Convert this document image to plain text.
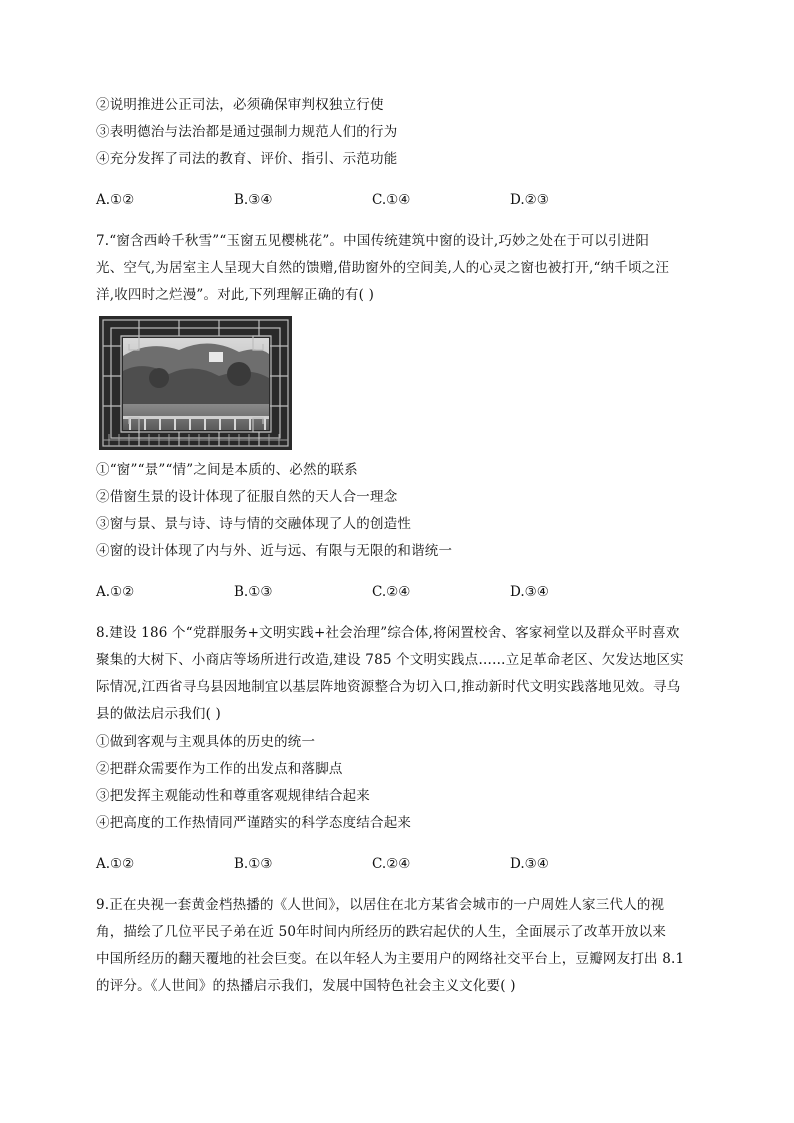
②说明推进公正司法，必须确保审判权独立行使
③表明德治与法治都是通过强制力规范人们的行为
④充分发挥了司法的教育、评价、指引、示范功能
A.①②	B.③④	C.①④	D.②③
7.“窗含西岭千秋雪”“玉窗五见樱桃花”。中国传统建筑中窗的设计,巧妙之处在于可以引进阳
光、空气,为居室主人呈现大自然的馈赠,借助窗外的空间美,人的心灵之窗也被打开,“纳千顷之汪
洋,收四时之烂漫”。对此,下列理解正确的有( )
①“窗”“景”“情”之间是本质的、必然的联系
②借窗生景的设计体现了征服自然的天人合一理念
③窗与景、景与诗、诗与情的交融体现了人的创造性
④窗的设计体现了内与外、近与远、有限与无限的和谐统一
A.①②	B.①③	C.②④	D.③④
8.建设 186 个“党群服务+文明实践+社会治理”综合体,将闲置校舍、客家祠堂以及群众平时喜欢
聚集的大树下、小商店等场所进行改造,建设 785 个文明实践点……立足革命老区、欠发达地区实
际情况,江西省寻乌县因地制宜以基层阵地资源整合为切入口,推动新时代文明实践落地见效。寻乌
县的做法启示我们( )
①做到客观与主观具体的历史的统一
②把群众需要作为工作的出发点和落脚点
③把发挥主观能动性和尊重客观规律结合起来
④把高度的工作热情同严谨踏实的科学态度结合起来
A.①②	B.①③	C.②④	D.③④
9.正在央视一套黄金档热播的《人世间》，以居住在北方某省会城市的一户周姓人家三代人的视
角，描绘了几位平民子弟在近 50年时间内所经历的跌宕起伏的人生，全面展示了改革开放以来
中国所经历的翻天覆地的社会巨变。在以年轻人为主要用户的网络社交平台上，豆瓣网友打出 8.1
的评分。《人世间》的热播启示我们，发展中国特色社会主义文化要( )
